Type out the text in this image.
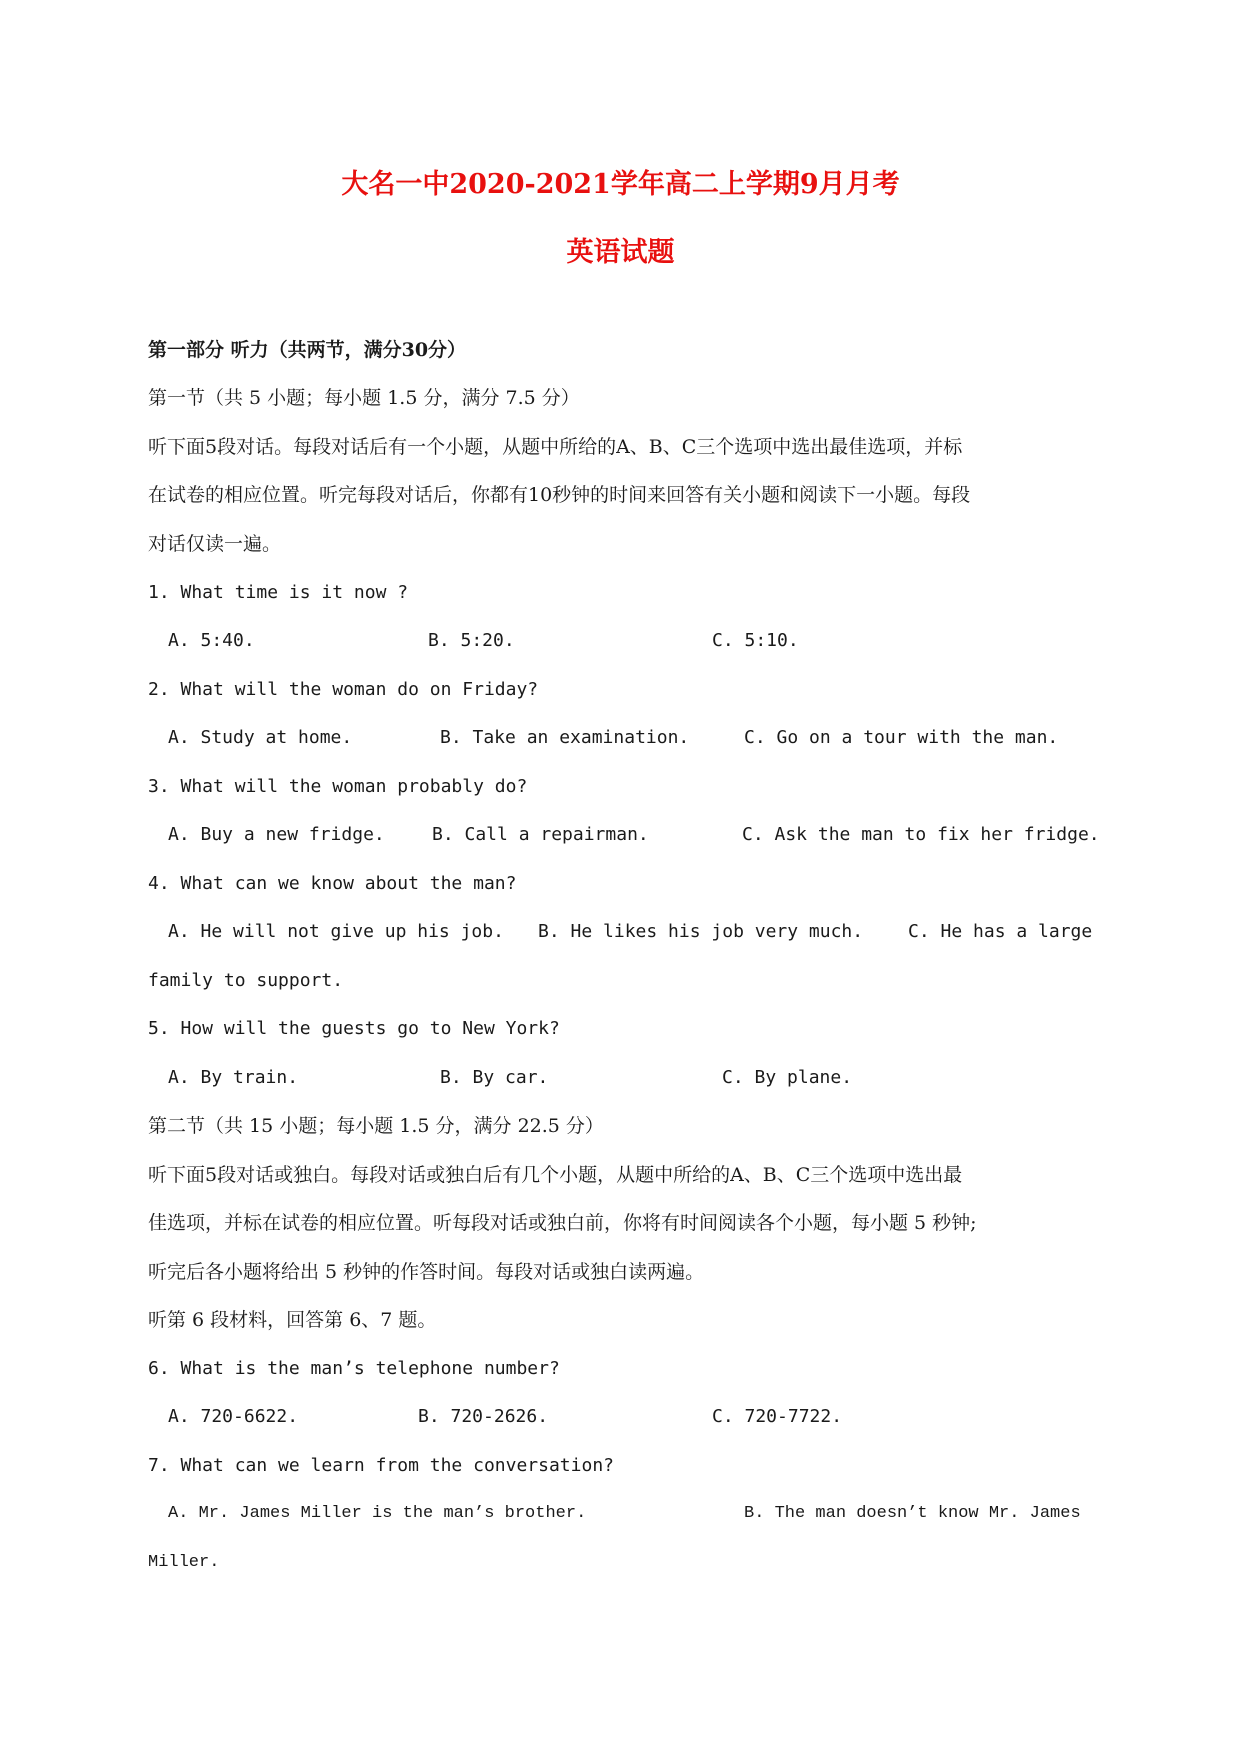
大名一中2020-2021学年高二上学期9月月考
英语试题
第一部分 听力（共两节，满分30分）
第一节（共 5 小题；每小题 1.5 分，满分 7.5 分）
听下面5段对话。每段对话后有一个小题，从题中所给的A、B、C三个选项中选出最佳选项，并标
在试卷的相应位置。听完每段对话后，你都有10秒钟的时间来回答有关小题和阅读下一小题。每段
对话仅读一遍。
1. What time is it now ?
A. 5:40.	B. 5:20.	C. 5:10.
2. What will the woman do on Friday?
A. Study at home.	B. Take an examination.	C. Go on a tour with the man.
3. What will the woman probably do?
A. Buy a new fridge.	B. Call a repairman.	C. Ask the man to fix her fridge.
4. What can we know about the man?
A. He will not give up his job. B. He likes his job very much. C. He has a large
family to support.
5. How will the guests go to New York?
A. By train.	B. By car.	C. By plane.
第二节（共 15 小题；每小题 1.5 分，满分 22.5 分）
听下面5段对话或独白。每段对话或独白后有几个小题，从题中所给的A、B、C三个选项中选出最
佳选项，并标在试卷的相应位置。听每段对话或独白前，你将有时间阅读各个小题，每小题 5 秒钟;
听完后各小题将给出 5 秒钟的作答时间。每段对话或独白读两遍。
听第 6 段材料，回答第 6、7 题。
6. What is the man’s telephone number?
A. 720-6622.	B. 720-2626.	C. 720-7722.
7. What can we learn from the conversation?
A. Mr. James Miller is the man’s brother.	B. The man doesn’t know Mr. James
Miller.
